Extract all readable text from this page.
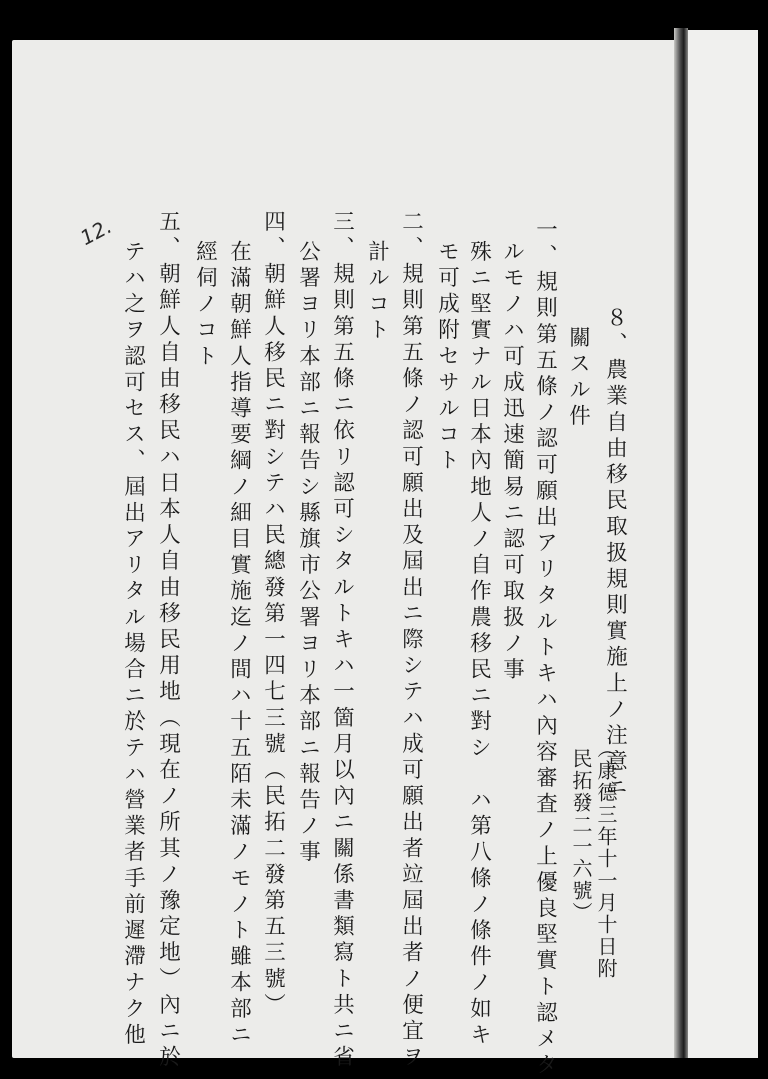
８、農業自由移民取扱規則實施上ノ注意ニ
關スル件
（康德三年十一月十日附
民拓發二一六號）
一、規則第五條ノ認可願出アリタルトキハ內容審査ノ上優良堅實ト認メタ
ルモノハ可成迅速簡易ニ認可取扱ノ事
殊ニ堅實ナル日本內地人ノ自作農移民ニ對シ　ハ第八條ノ條件ノ如キ
モ可成附セサルコト
二、規則第五條ノ認可願出及屆出ニ際シテハ成可願出者竝屆出者ノ便宜ヲ
計ルコト
三、規則第五條ニ依リ認可シタルトキハ一箇月以內ニ關係書類寫ト共ニ省
公署ヨリ本部ニ報告シ縣旗市公署ヨリ本部ニ報告ノ事
四、朝鮮人移民ニ對シテハ民總發第一四七三號（民拓二發第五三號）
在滿朝鮮人指導要綱ノ細目實施迄ノ間ハ十五陌未滿ノモノト雖本部ニ
經伺ノコト
五、朝鮮人自由移民ハ日本人自由移民用地（現在ノ所其ノ豫定地）內ニ於
テハ之ヲ認可セス、屆出アリタル場合ニ於テハ營業者手前遲滯ナク他
12.
